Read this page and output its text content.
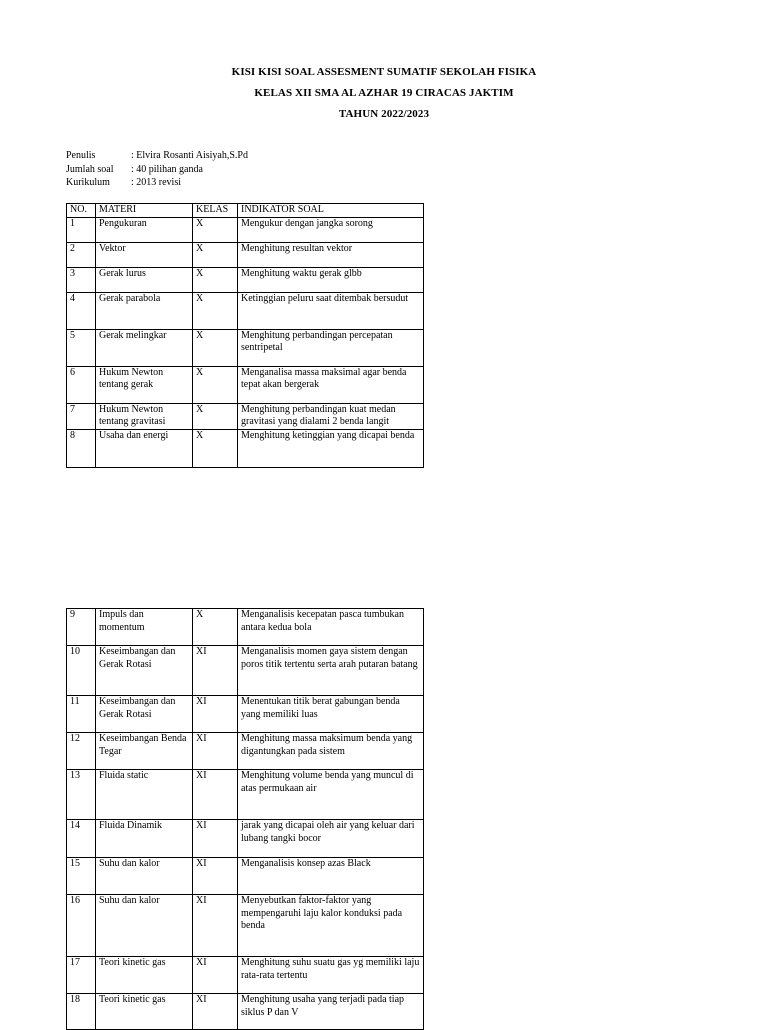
KISI KISI SOAL ASSESMENT SUMATIF SEKOLAH FISIKA
KELAS XII SMA AL AZHAR 19 CIRACAS JAKTIM
TAHUN 2022/2023
Penulis	: Elvira Rosanti Aisiyah,S.Pd
Jumlah soal	: 40 pilihan ganda
Kurikulum	: 2013 revisi
NO.	MATERI	KELAS	INDIKATOR SOAL
1	Pengukuran	X	Mengukur dengan jangka sorong
2	Vektor	X	Menghitung resultan vektor
3	Gerak lurus	X	Menghitung waktu gerak glbb
4	Gerak parabola	X	Ketinggian peluru saat ditembak bersudut
5	Gerak melingkar	X	Menghitung perbandingan percepatan sentripetal
6	Hukum Newton tentang gerak	X	Menganalisa massa maksimal agar benda tepat akan bergerak
7	Hukum Newton tentang gravitasi	X	Menghitung perbandingan kuat medan gravitasi yang dialami 2 benda langit
8	Usaha dan energi	X	Menghitung ketinggian yang dicapai benda
9	Impuls dan momentum	X	Menganalisis kecepatan pasca tumbukan antara kedua bola
10	Keseimbangan dan Gerak Rotasi	XI	Menganalisis momen gaya sistem dengan poros titik tertentu serta arah putaran batang
11	Keseimbangan dan Gerak Rotasi	XI	Menentukan titik berat gabungan benda yang memiliki luas
12	Keseimbangan Benda Tegar	XI	Menghitung massa maksimum benda yang digantungkan pada sistem
13	Fluida static	XI	Menghitung volume benda yang muncul di atas permukaan air
14	Fluida Dinamik	XI	jarak yang dicapai oleh air yang keluar dari lubang tangki bocor
15	Suhu dan kalor	XI	Menganalisis konsep azas Black
16	Suhu dan kalor	XI	Menyebutkan faktor-faktor yang mempengaruhi laju kalor konduksi pada benda
17	Teori kinetic gas	XI	Menghitung suhu suatu gas yg memiliki laju rata-rata tertentu
18	Teori kinetic gas	XI	Menghitung usaha yang terjadi pada tiap siklus P dan V
